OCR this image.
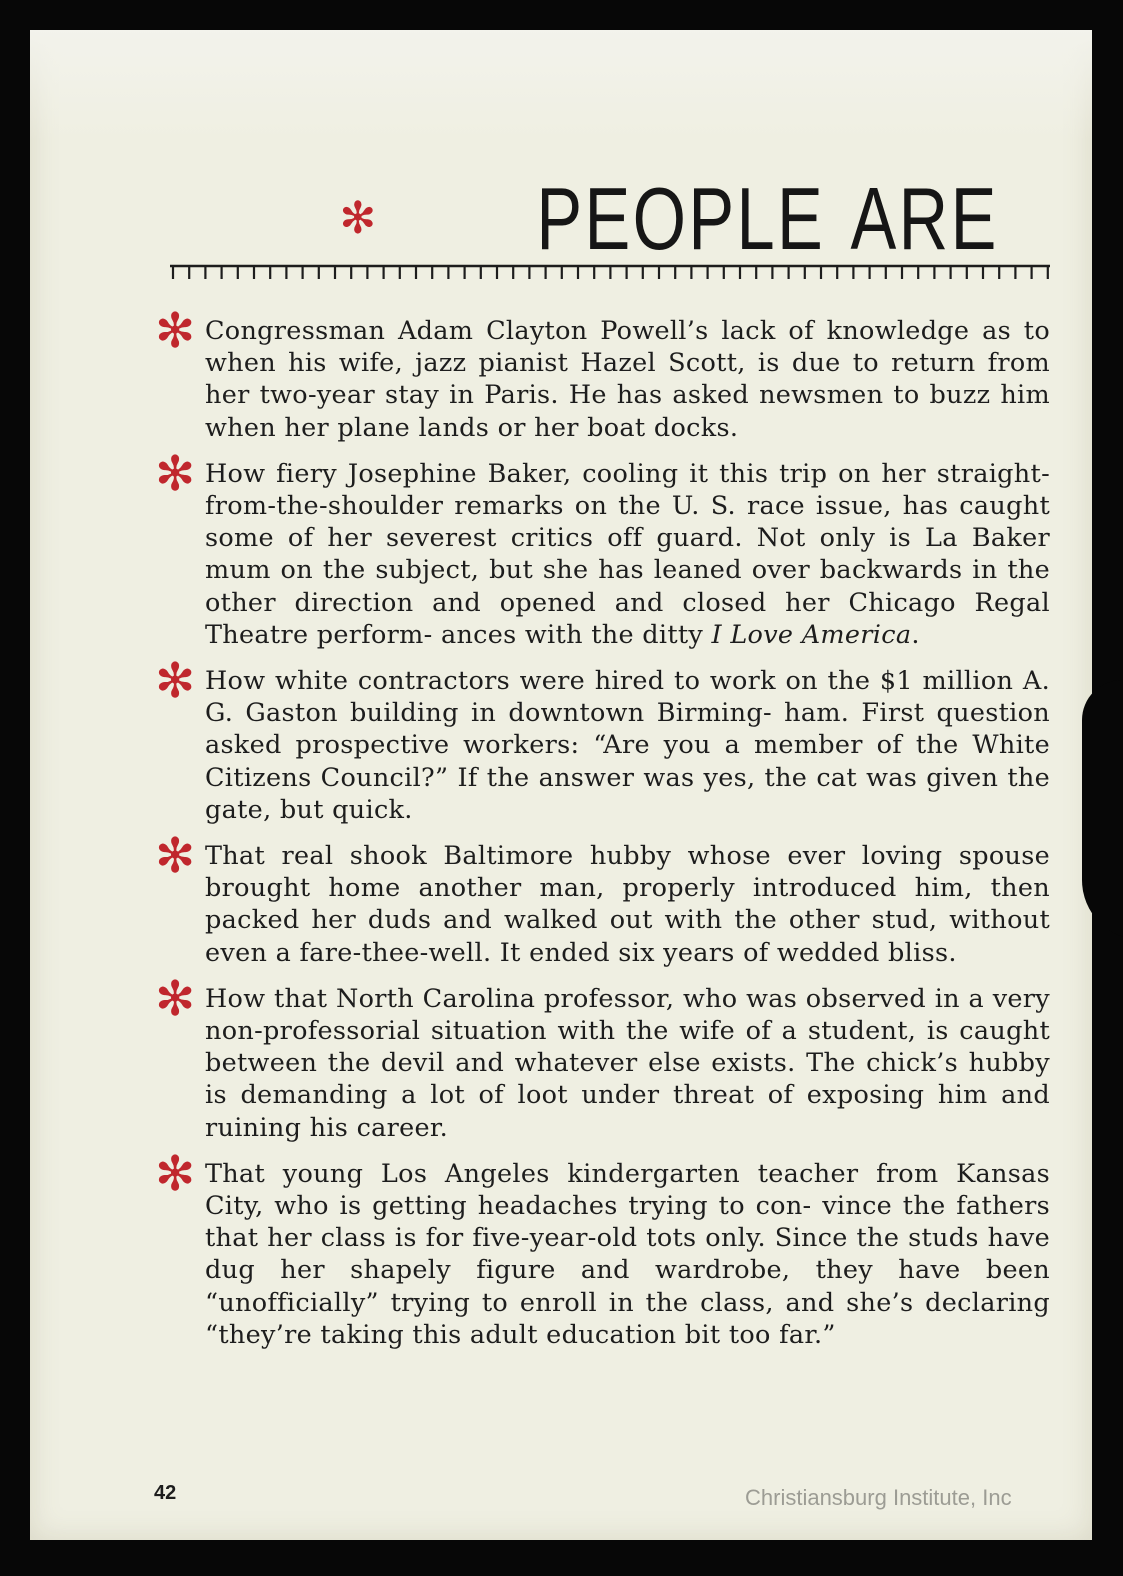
✻ PEOPLE ARE
✻ Congressman Adam Clayton Powell’s lack of knowledge as to when his wife, jazz pianist Hazel Scott, is due to return from her two-year stay in Paris. He has asked newsmen to buzz him when her plane lands or her boat docks.

✻ How fiery Josephine Baker, cooling it this trip on her straight-from-the-shoulder remarks on the U. S. race issue, has caught some of her severest critics off guard. Not only is La Baker mum on the subject, but she has leaned over backwards in the other direction and opened and closed her Chicago Regal Theatre perform- ances with the ditty I Love America.

✻ How white contractors were hired to work on the $1 million A. G. Gaston building in downtown Birming- ham. First question asked prospective workers: “Are you a member of the White Citizens Council?” If the answer was yes, the cat was given the gate, but quick.

✻ That real shook Baltimore hubby whose ever loving spouse brought home another man, properly introduced him, then packed her duds and walked out with the other stud, without even a fare-thee-well. It ended six years of wedded bliss.

✻ How that North Carolina professor, who was observed in a very non-professorial situation with the wife of a student, is caught between the devil and whatever else exists. The chick’s hubby is demanding a lot of loot under threat of exposing him and ruining his career.

✻ That young Los Angeles kindergarten teacher from Kansas City, who is getting headaches trying to con- vince the fathers that her class is for five-year-old tots only. Since the studs have dug her shapely figure and wardrobe, they have been “unofficially” trying to enroll in the class, and she’s declaring “they’re taking this adult education bit too far.”

42	Christiansburg Institute, Inc
